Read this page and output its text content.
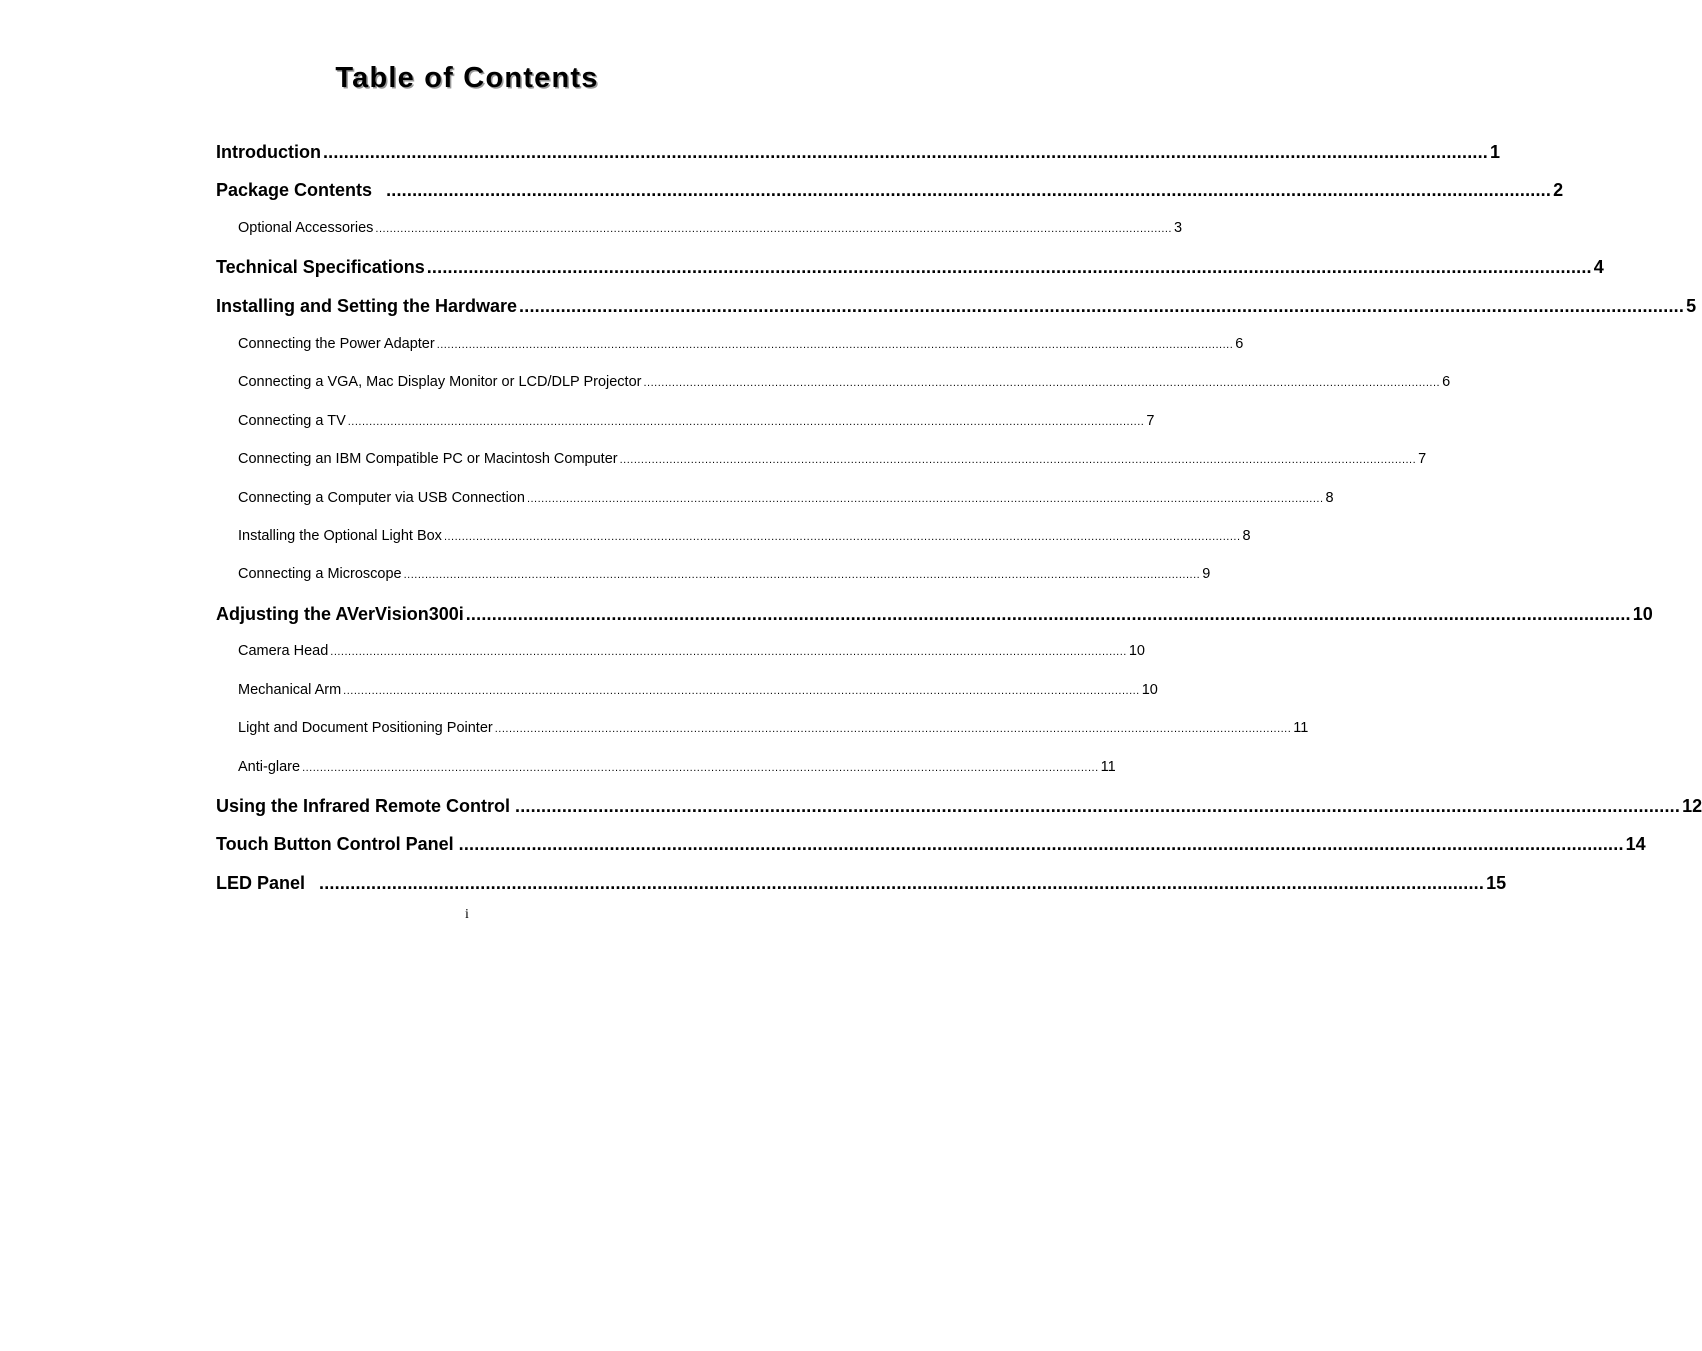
Table of Contents
Introduction ................................................................................................................................................................................................................................ 1
Package Contents ................................................................................................................................................................................................................................ 2
Optional Accessories ................................................................................................................................................................................................................................ 3
Technical Specifications ................................................................................................................................................................................................................................ 4
Installing and Setting the Hardware ................................................................................................................................................................................................................................ 5
Connecting the Power Adapter ................................................................................................................................................................................................................................ 6
Connecting a VGA, Mac Display Monitor or LCD/DLP Projector ................................................................................................................................................................................................................................ 6
Connecting a TV ................................................................................................................................................................................................................................ 7
Connecting an IBM Compatible PC or Macintosh Computer ................................................................................................................................................................................................................................ 7
Connecting a Computer via USB Connection ................................................................................................................................................................................................................................ 8
Installing the Optional Light Box ................................................................................................................................................................................................................................ 8
Connecting a Microscope ................................................................................................................................................................................................................................ 9
Adjusting the AVerVision300i ................................................................................................................................................................................................................................ 10
Camera Head ................................................................................................................................................................................................................................ 10
Mechanical Arm ................................................................................................................................................................................................................................ 10
Light and Document Positioning Pointer ................................................................................................................................................................................................................................ 11
Anti-glare ................................................................................................................................................................................................................................ 11
Using the Infrared Remote Control ................................................................................................................................................................................................................................ 12
Touch Button Control Panel ................................................................................................................................................................................................................................ 14
LED Panel ................................................................................................................................................................................................................................ 15
i
